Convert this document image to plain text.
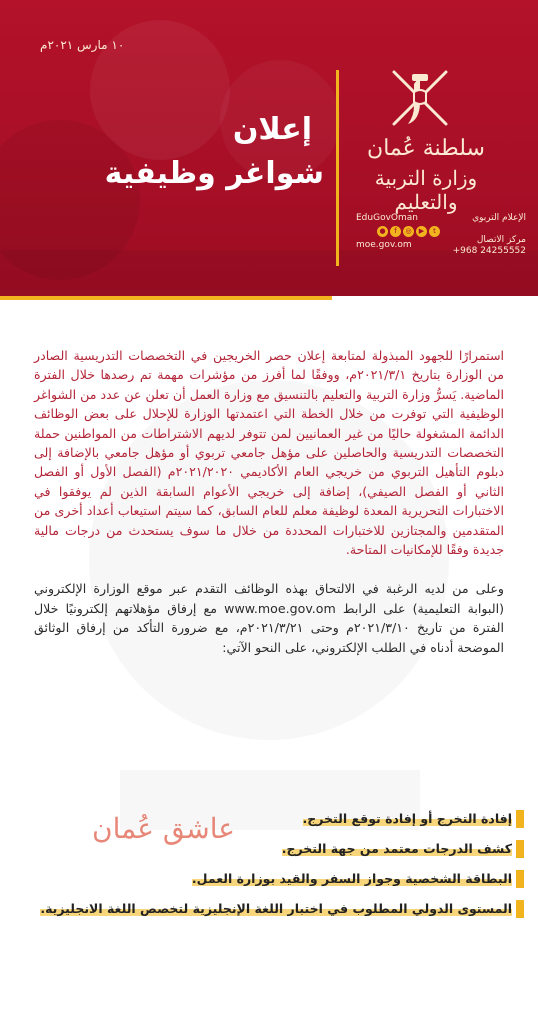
١٠ مارس ٢٠٢١م
إعلان
شواغر وظيفية
سلطنة عُمان
وزارة التربية والتعليم
الإعلام التربوي
مركز الاتصال
+968 24255552
EduGovOman
t
▶
◎
f
●
moe.gov.om

استمرارًا للجهود المبذولة لمتابعة إعلان حصر الخريجين في التخصصات التدريسية الصادر من الوزارة بتاريخ ٢٠٢١/٣/١م، ووفقًا لما أفرز من مؤشرات مهمة تم رصدها خلال الفترة الماضية. يَسرُّ وزارة التربية والتعليم بالتنسيق مع وزارة العمل أن تعلن عن عدد من الشواغر الوظيفية التي توفرت من خلال الخطة التي اعتمدتها الوزارة للإحلال على بعض الوظائف الدائمة المشغولة حاليًا من غير العمانيين لمن تتوفر لديهم الاشتراطات من المواطنين حملة التخصصات التدريسية والحاصلين على مؤهل جامعي تربوي أو مؤهل جامعي بالإضافة إلى دبلوم التأهيل التربوي من خريجي العام الأكاديمي ٢٠٢١/٢٠٢٠م (الفصل الأول أو الفصل الثاني أو الفصل الصيفي)، إضافة إلى خريجي الأعوام السابقة الذين لم يوفقوا في الاختبارات التحريرية المعدة لوظيفة معلم للعام السابق، كما سيتم استيعاب أعداد أخرى من المتقدمين والمجتازين للاختبارات المحددة من خلال ما سوف يستحدث من درجات مالية جديدة وفقًا للإمكانيات المتاحة.

وعلى من لديه الرغبة في الالتحاق بهذه الوظائف التقدم عبر موقع الوزارة الإلكتروني (البوابة التعليمية) على الرابط www.moe.gov.om مع إرفاق مؤهلاتهم إلكترونيًا خلال الفترة من تاريخ ٢٠٢١/٣/١٠م وحتى ٢٠٢١/٣/٢١م، مع ضرورة التأكد من إرفاق الوثائق الموضحة أدناه في الطلب الإلكتروني، على النحو الآتي:

عاشق عُمان	إفادة التخرج أو إفادة توقع التخرج.
كشف الدرجات معتمد من جهة التخرج.
البطاقة الشخصية وجواز السفر والقيد بوزارة العمل.
المستوى الدولي المطلوب في اختبار اللغة الإنجليزية لتخصص اللغة الانجليزية.
